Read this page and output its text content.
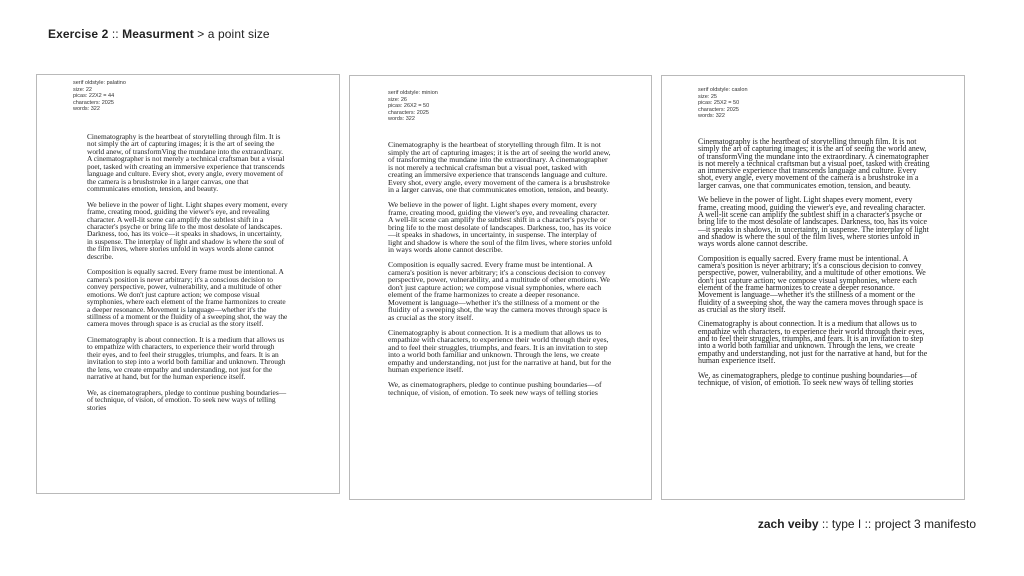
Exercise 2 :: Measurment > a point size
serif oldstyle: palatino
size: 22
picas: 22X2 = 44
characters: 2025
words: 322

Cinematography is the heartbeat of storytelling through film. It is not simply the art of capturing images; it is the art of seeing the world anew, of transformVing the mundane into the extraordinary. A cinematographer is not merely a technical craftsman but a visual poet, tasked with creating an immersive experience that transcends language and culture. Every shot, every angle, every movement of the camera is a brushstroke in a larger canvas, one that communicates emotion, tension, and beauty.

We believe in the power of light. Light shapes every moment, every frame, creating mood, guiding the viewer's eye, and revealing character. A well-lit scene can amplify the subtlest shift in a character's psyche or bring life to the most desolate of landscapes. Darkness, too, has its voice—it speaks in shadows, in uncertainty, in suspense. The interplay of light and shadow is where the soul of the film lives, where stories unfold in ways words alone cannot describe.

Composition is equally sacred. Every frame must be intentional. A camera's position is never arbitrary; it's a conscious decision to convey perspective, power, vulnerability, and a multitude of other emotions. We don't just capture action; we compose visual symphonies, where each element of the frame harmonizes to create a deeper resonance. Movement is language—whether it's the stillness of a moment or the fluidity of a sweeping shot, the way the camera moves through space is as crucial as the story itself.

Cinematography is about connection. It is a medium that allows us to empathize with characters, to experience their world through their eyes, and to feel their struggles, triumphs, and fears. It is an invitation to step into a world both familiar and unknown. Through the lens, we create empathy and understanding, not just for the narrative at hand, but for the human experience itself.

We, as cinematographers, pledge to continue pushing boundaries—of technique, of vision, of emotion. To seek new ways of telling stories

serif oldstyle: minion
size: 26
picas: 26X2 = 50
characters: 2025
words: 322

Cinematography is the heartbeat of storytelling through film. It is not simply the art of capturing images; it is the art of seeing the world anew, of transforming the mundane into the extraordinary. A cinematographer is not merely a technical craftsman but a visual poet, tasked with creating an immersive experience that transcends language and culture. Every shot, every angle, every movement of the camera is a brushstroke in a larger canvas, one that communicates emotion, tension, and beauty.

We believe in the power of light. Light shapes every moment, every frame, creating mood, guiding the viewer's eye, and revealing character. A well-lit scene can amplify the subtlest shift in a character's psyche or bring life to the most desolate of landscapes. Darkness, too, has its voice—it speaks in shadows, in uncertainty, in suspense. The interplay of light and shadow is where the soul of the film lives, where stories unfold in ways words alone cannot describe.

Composition is equally sacred. Every frame must be intentional. A camera's position is never arbitrary; it's a conscious decision to convey perspective, power, vulnerability, and a multitude of other emotions. We don't just capture action; we compose visual symphonies, where each element of the frame harmonizes to create a deeper resonance. Movement is language—whether it's the stillness of a moment or the fluidity of a sweeping shot, the way the camera moves through space is as crucial as the story itself.

Cinematography is about connection. It is a medium that allows us to empathize with characters, to experience their world through their eyes, and to feel their struggles, triumphs, and fears. It is an invitation to step into a world both familiar and unknown. Through the lens, we create empathy and understanding, not just for the narrative at hand, but for the human experience itself.

We, as cinematographers, pledge to continue pushing boundaries—of technique, of vision, of emotion. To seek new ways of telling stories

serif oldstyle: caslon
size: 25
picas: 25X2 = 50
characters: 2025
words: 322

Cinematography is the heartbeat of storytelling through film. It is not simply the art of capturing images; it is the art of seeing the world anew, of transformVing the mundane into the extraordinary. A cinematographer is not merely a technical craftsman but a visual poet, tasked with creating an immersive experience that transcends language and culture. Every shot, every angle, every movement of the camera is a brushstroke in a larger canvas, one that communicates emotion, tension, and beauty.

We believe in the power of light. Light shapes every moment, every frame, creating mood, guiding the viewer's eye, and revealing character. A well-lit scene can amplify the subtlest shift in a character's psyche or bring life to the most desolate of landscapes. Darkness, too, has its voice—it speaks in shadows, in uncertainty, in suspense. The interplay of light and shadow is where the soul of the film lives, where stories unfold in ways words alone cannot describe.

Composition is equally sacred. Every frame must be intentional. A camera's position is never arbitrary; it's a conscious decision to convey perspective, power, vulnerability, and a multitude of other emotions. We don't just capture action; we compose visual symphonies, where each element of the frame harmonizes to create a deeper resonance. Movement is language—whether it's the stillness of a moment or the fluidity of a sweeping shot, the way the camera moves through space is as crucial as the story itself.

Cinematography is about connection. It is a medium that allows us to empathize with characters, to experience their world through their eyes, and to feel their struggles, triumphs, and fears. It is an invitation to step into a world both familiar and unknown. Through the lens, we create empathy and understanding, not just for the narrative at hand, but for the human experience itself.

We, as cinematographers, pledge to continue pushing boundaries—of technique, of vision, of emotion. To seek new ways of telling stories

zach veiby :: type I :: project 3 manifesto
